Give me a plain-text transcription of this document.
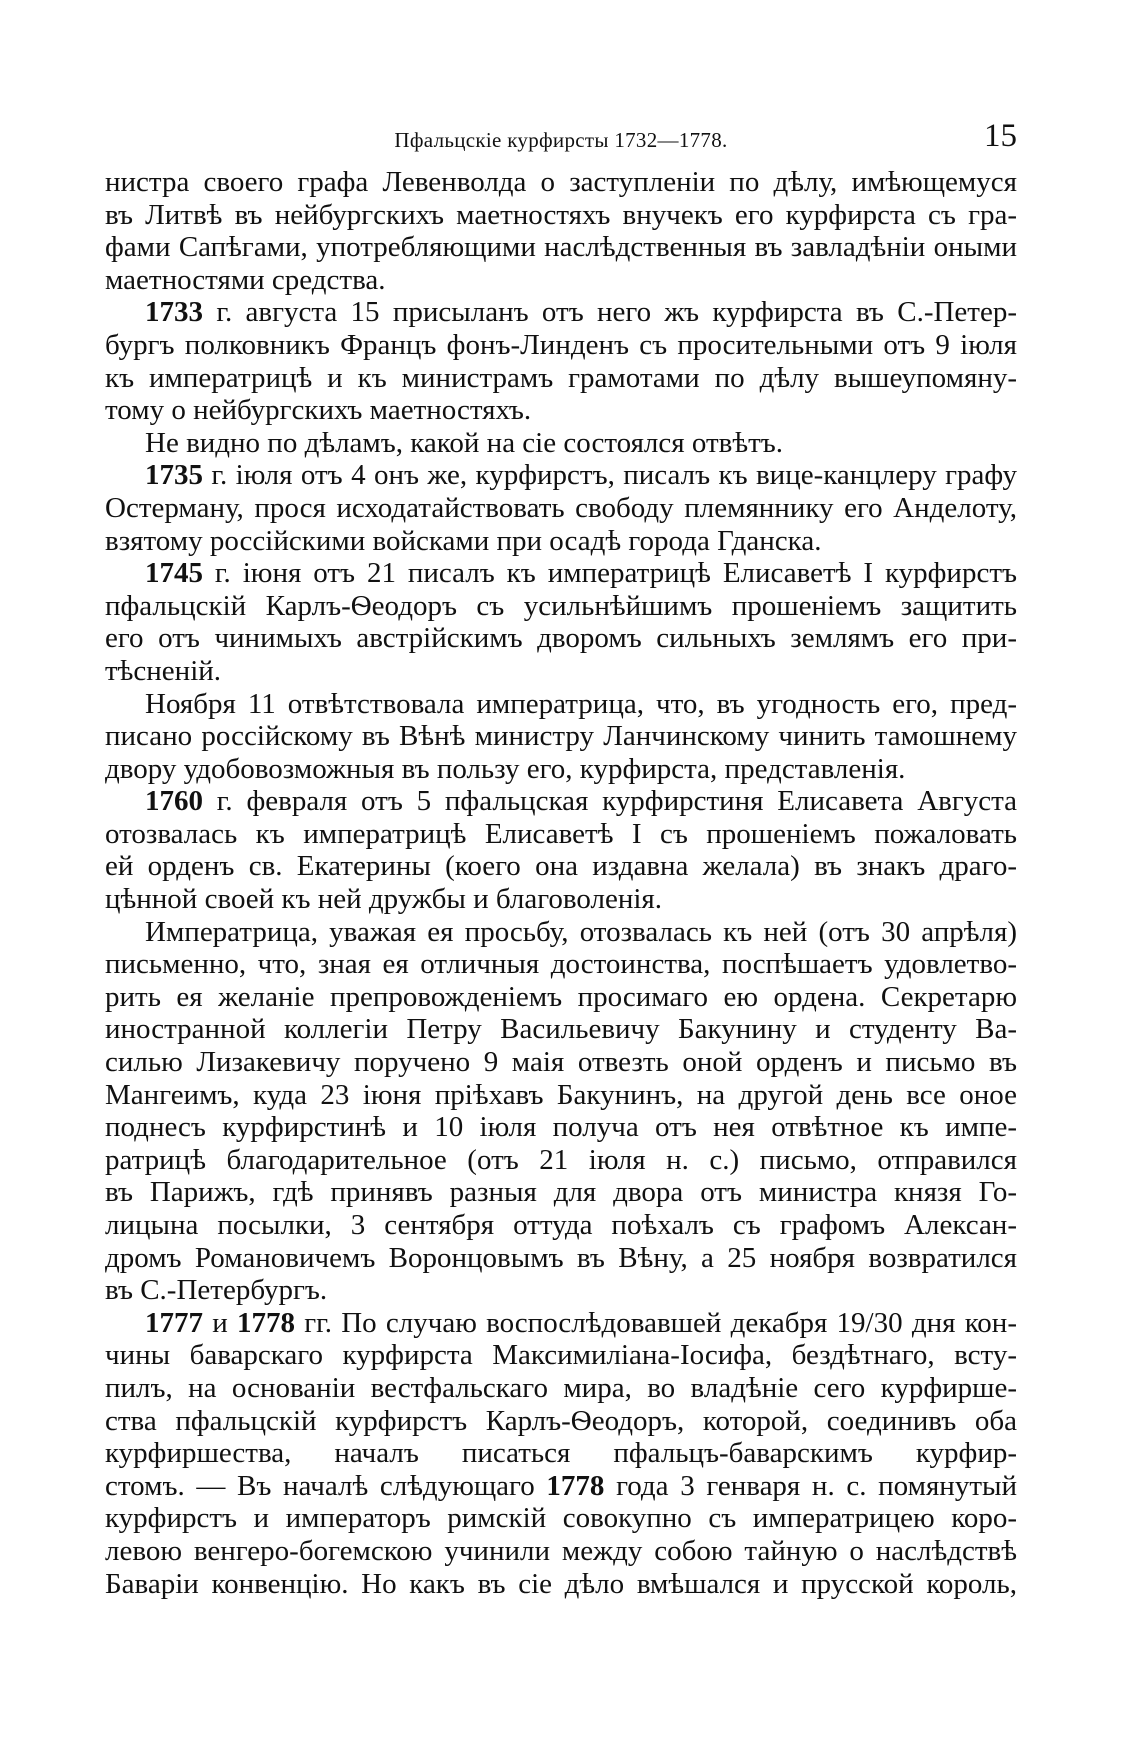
Пфальцскіе курфирсты 1732—1778.	15
нистра своего графа Левенволда о заступленіи по дѣлу, имѣющемуся
въ Литвѣ въ нейбургскихъ маетностяхъ внучекъ его курфирста съ гра-
фами Сапѣгами, употребляющими наслѣдственныя въ завладѣніи оными
маетностями средства.
1733 г. августа 15 присыланъ отъ него жъ курфирста въ С.-Петер-
бургъ полковникъ Францъ фонъ-Линденъ съ просительными отъ 9 іюля
къ императрицѣ и къ министрамъ грамотами по дѣлу вышеупомяну-
тому о нейбургскихъ маетностяхъ.
Не видно по дѣламъ, какой на сіе состоялся отвѣтъ.
1735 г. іюля отъ 4 онъ же, курфирстъ, писалъ къ вице-канцлеру графу
Остерману, прося исходатайствовать свободу племяннику его Анделоту,
взятому россійскими войсками при осадѣ города Гданска.
1745 г. іюня отъ 21 писалъ къ императрицѣ Елисаветѣ I курфирстъ
пфальцскій Карлъ-Ѳеодоръ съ усильнѣйшимъ прошеніемъ защитить
его отъ чинимыхъ австрійскимъ дворомъ сильныхъ землямъ его при-
тѣсненій.
Ноября 11 отвѣтствовала императрица, что, въ угодность его, пред-
писано россійскому въ Вѣнѣ министру Ланчинскому чинить тамошнему
двору удобовозможныя въ пользу его, курфирста, представленія.
1760 г. февраля отъ 5 пфальцская курфирстиня Елисавета Августа
отозвалась къ императрицѣ Елисаветѣ I съ прошеніемъ пожаловать
ей орденъ св. Екатерины (коего она издавна желала) въ знакъ драго-
цѣнной своей къ ней дружбы и благоволенія.
Императрица, уважая ея просьбу, отозвалась къ ней (отъ 30 апрѣля)
письменно, что, зная ея отличныя достоинства, поспѣшаетъ удовлетво-
рить ея желаніе препровожденіемъ просимаго ею ордена. Секретарю
иностранной коллегіи Петру Васильевичу Бакунину и студенту Ва-
силью Лизакевичу поручено 9 маія отвезть оной орденъ и письмо въ
Мангеимъ, куда 23 іюня пріѣхавъ Бакунинъ, на другой день все оное
поднесъ курфирстинѣ и 10 іюля получа отъ нея отвѣтное къ импе-
ратрицѣ благодарительное (отъ 21 іюля н. с.) письмо, отправился
въ Парижъ, гдѣ принявъ разныя для двора отъ министра князя Го-
лицына посылки, 3 сентября оттуда поѣхалъ съ графомъ Алексан-
дромъ Романовичемъ Воронцовымъ въ Вѣну, а 25 ноября возвратился
въ С.-Петербургъ.
1777 и 1778 гг. По случаю воспослѣдовавшей декабря 19/30 дня кон-
чины баварскаго курфирста Максимиліана-Іосифа, бездѣтнаго, всту-
пилъ, на основаніи вестфальскаго мира, во владѣніе сего курфирше-
ства пфальцскій курфирстъ Карлъ-Ѳеодоръ, которой, соединивъ оба
курфиршества, началъ писаться пфальцъ-баварскимъ курфир-
стомъ. — Въ началѣ слѣдующаго 1778 года 3 генваря н. с. помянутый
курфирстъ и императоръ римскій совокупно съ императрицею коро-
левою венгеро-богемскою учинили между собою тайную о наслѣдствѣ
Баваріи конвенцію. Но какъ въ сіе дѣло вмѣшался и прусской король,
